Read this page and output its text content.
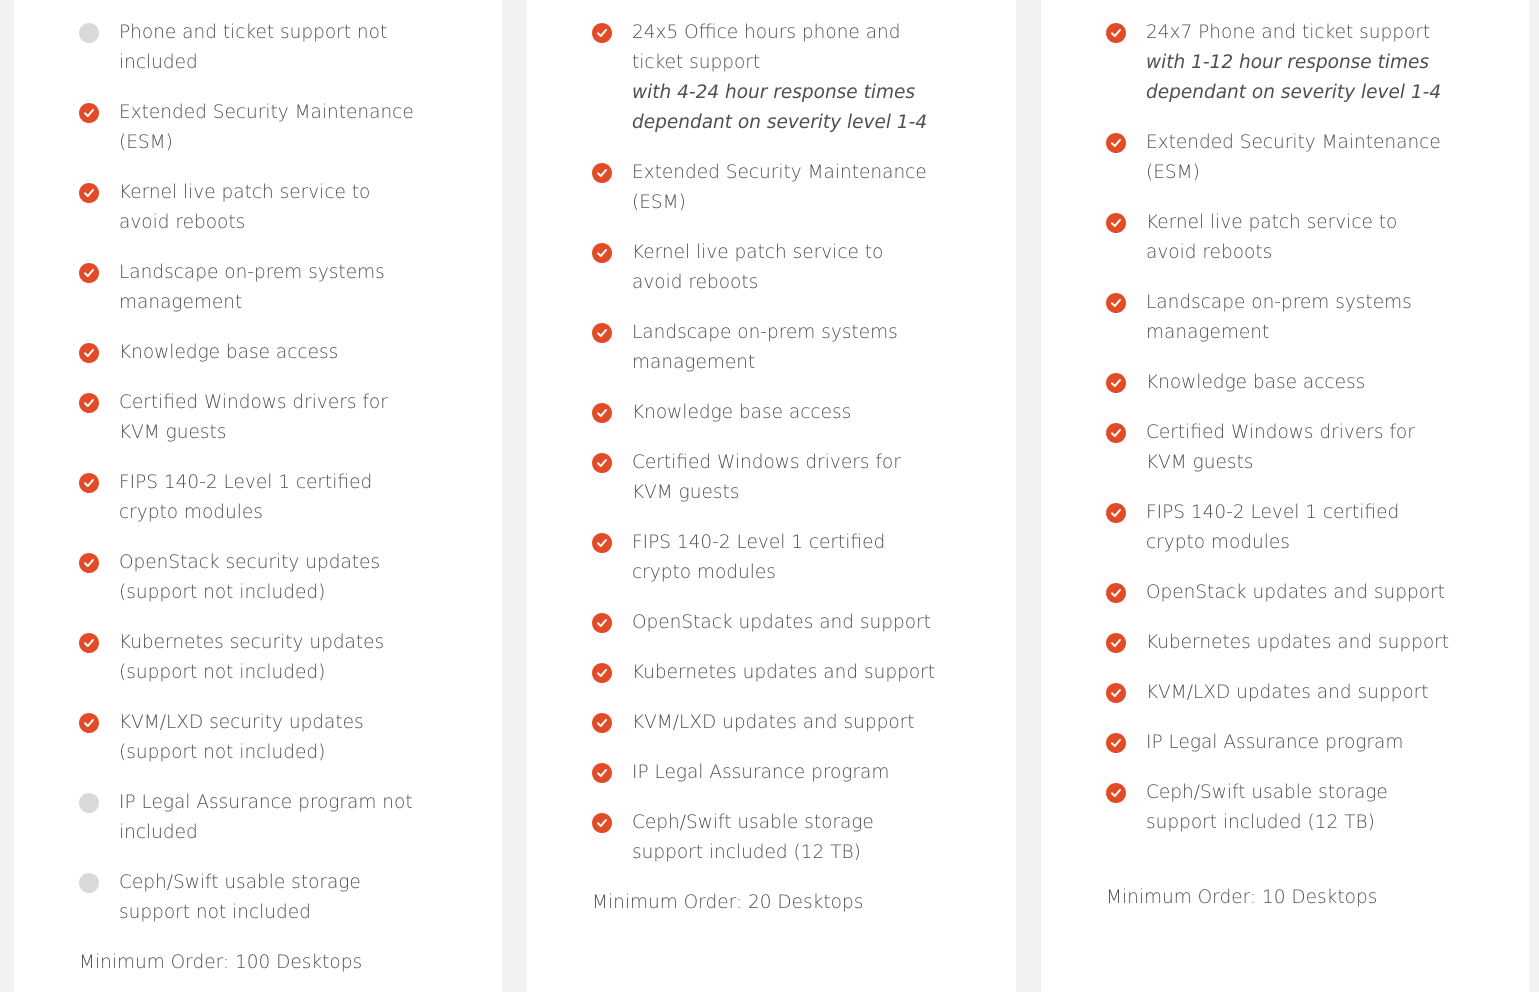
Phone and ticket support not included
Extended Security Maintenance (ESM)
Kernel live patch service to avoid reboots
Landscape on-prem systems management
Knowledge base access
Certified Windows drivers for KVM guests
FIPS 140-2 Level 1 certified crypto modules
OpenStack security updates (support not included)
Kubernetes security updates (support not included)
KVM/LXD security updates (support not included)
IP Legal Assurance program not included
Ceph/Swift usable storage support not included
Minimum Order: 100 Desktops
24x5 Office hours phone and ticket support
with 4-24 hour response times dependant on severity level 1-4
Extended Security Maintenance (ESM)
Kernel live patch service to avoid reboots
Landscape on-prem systems management
Knowledge base access
Certified Windows drivers for KVM guests
FIPS 140-2 Level 1 certified crypto modules
OpenStack updates and support
Kubernetes updates and support
KVM/LXD updates and support
IP Legal Assurance program
Ceph/Swift usable storage support included (12 TB)
Minimum Order: 20 Desktops
24x7 Phone and ticket support
with 1-12 hour response times dependant on severity level 1-4
Extended Security Maintenance (ESM)
Kernel live patch service to avoid reboots
Landscape on-prem systems management
Knowledge base access
Certified Windows drivers for KVM guests
FIPS 140-2 Level 1 certified crypto modules
OpenStack updates and support
Kubernetes updates and support
KVM/LXD updates and support
IP Legal Assurance program
Ceph/Swift usable storage support included (12 TB)
Minimum Order: 10 Desktops
